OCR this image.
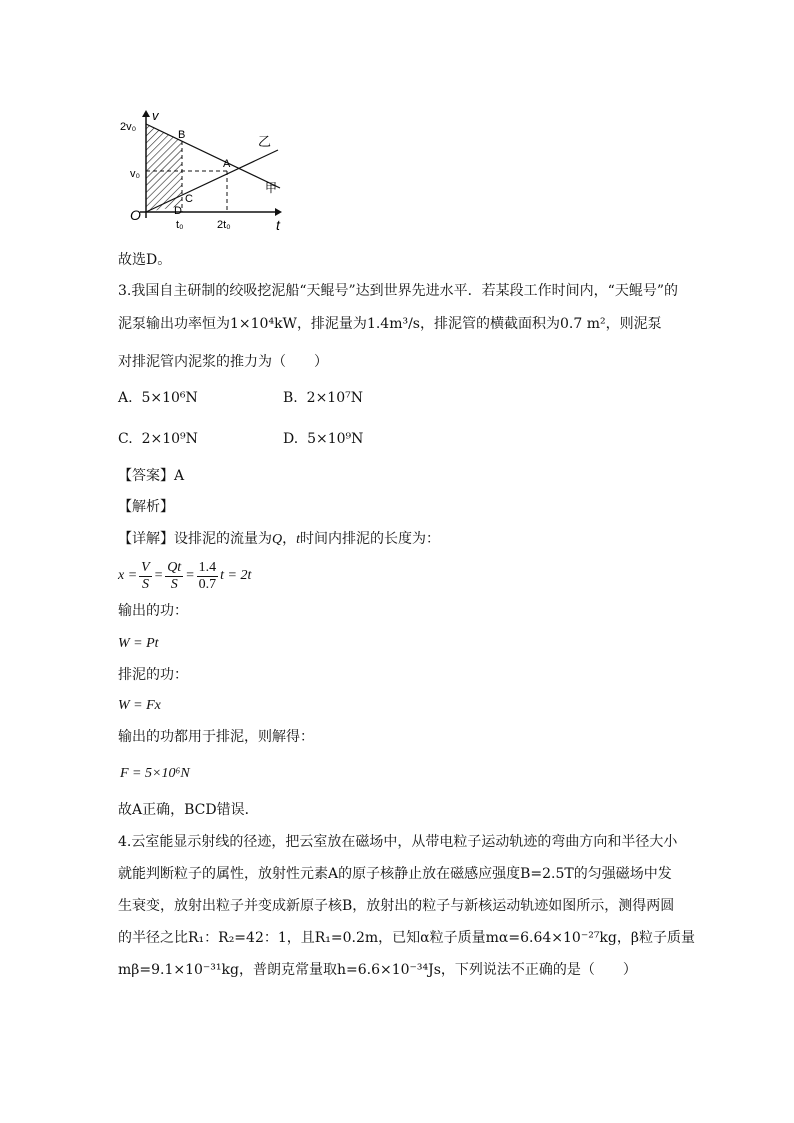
v
t
O
2v₀
v₀
t₀	2t₀
B
A
C
D
乙
甲
故选D。
3.我国自主研制的绞吸挖泥船“天鲲号”达到世界先进水平．若某段工作时间内，“天鲲号”的
泥泵输出功率恒为1×10⁴kW，排泥量为1.4m³/s，排泥管的横截面积为0.7 m²，则泥泵
对排泥管内泥浆的推力为（　　）
A. 5×10⁶N	B. 2×10⁷N
C. 2×10⁹N	D. 5×10⁹N
【答案】A
【解析】
【详解】设排泥的流量为Q，t时间内排泥的长度为：
$x = \frac{V}{S} = \frac{Qt}{S} = \frac{1.4}{0.7}$ t = 2t
输出的功：
W = Pt
排泥的功：
W = Fx
输出的功都用于排泥，则解得：
F = 5×10⁶N
故A正确，BCD错误．
4.云室能显示射线的径迹，把云室放在磁场中，从带电粒子运动轨迹的弯曲方向和半径大小
就能判断粒子的属性，放射性元素A的原子核静止放在磁感应强度B=2.5T的匀强磁场中发
生衰变，放射出粒子并变成新原子核B，放射出的粒子与新核运动轨迹如图所示，测得两圆
的半径之比R₁：R₂=42：1，且R₁=0.2m，已知α粒子质量mα=6.64×10⁻²⁷kg，β粒子质量
mβ=9.1×10⁻³¹kg，普朗克常量取h=6.6×10⁻³⁴Js，下列说法不正确的是（　　）
